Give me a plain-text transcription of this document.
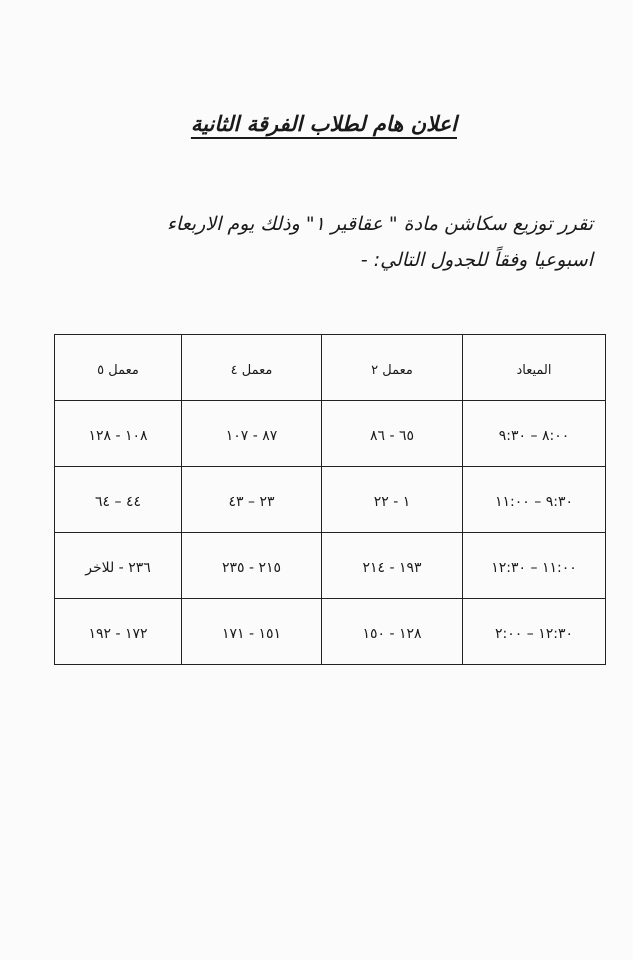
اعلان هام لطلاب الفرقة الثانية
تقرر توزيع سكاشن مادة " عقاقير ١" وذلك يوم الاربعاء
اسبوعيا وفقاً للجدول التالي: -
الميعاد	معمل ٢	معمل ٤	معمل ٥
٨:٠٠ – ٩:٣٠	٦٥ - ٨٦	٨٧ - ١٠٧	١٠٨ - ١٢٨
٩:٣٠ – ١١:٠٠	١ - ٢٢	٢٣ – ٤٣	٤٤ – ٦٤
١١:٠٠ – ١٢:٣٠	١٩٣ - ٢١٤	٢١٥ - ٢٣٥	٢٣٦ - للاخر
١٢:٣٠ – ٢:٠٠	١٢٨ - ١٥٠	١٥١ - ١٧١	١٧٢ - ١٩٢
